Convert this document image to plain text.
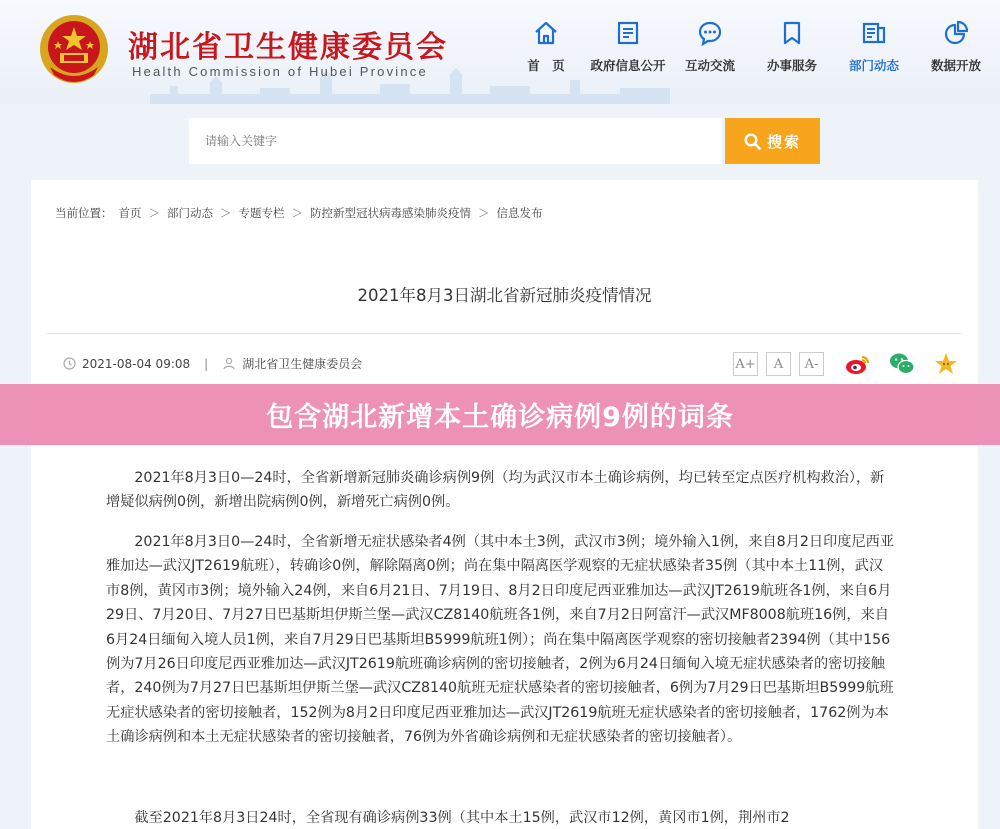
湖北省卫生健康委员会
Health Commission of Hubei Province	首　页	政府信息公开	互动交流	办事服务	部门动态	数据开放
请输入关键字
搜索
当前位置： 首页 ＞ 部门动态 ＞ 专题专栏 ＞ 防控新型冠状病毒感染肺炎疫情 ＞ 信息发布
2021年8月3日湖北省新冠肺炎疫情情况
2021-08-04 09:08 |	湖北省卫生健康委员会	A+ A A-

2021年8月3日0—24时，全省新增新冠肺炎确诊病例9例（均为武汉市本土确诊病例，均已转至定点医疗机构救治），新增疑似病例0例，新增出院病例0例，新增死亡病例0例。

2021年8月3日0—24时，全省新增无症状感染者4例（其中本土3例，武汉市3例；境外输入1例，来自8月2日印度尼西亚雅加达—武汉JT2619航班），转确诊0例，解除隔离0例；尚在集中隔离医学观察的无症状感染者35例（其中本土11例，武汉市8例，黄冈市3例；境外输入24例，来自6月21日、7月19日、8月2日印度尼西亚雅加达—武汉JT2619航班各1例，来自6月29日、7月20日、7月27日巴基斯坦伊斯兰堡—武汉CZ8140航班各1例，来自7月2日阿富汗—武汉MF8008航班16例，来自6月24日缅甸入境人员1例，来自7月29日巴基斯坦B5999航班1例）；尚在集中隔离医学观察的密切接触者2394例（其中156例为7月26日印度尼西亚雅加达—武汉JT2619航班确诊病例的密切接触者，2例为6月24日缅甸入境无症状感染者的密切接触者，240例为7月27日巴基斯坦伊斯兰堡—武汉CZ8140航班无症状感染者的密切接触者，6例为7月29日巴基斯坦B5999航班无症状感染者的密切接触者，152例为8月2日印度尼西亚雅加达—武汉JT2619航班无症状感染者的密切接触者，1762例为本土确诊病例和本土无症状感染者的密切接触者，76例为外省确诊病例和无症状感染者的密切接触者）。

截至2021年8月3日24时，全省现有确诊病例33例（其中本土15例，武汉市12例，黄冈市1例，荆州市2

包含湖北新增本土确诊病例9例的词条
